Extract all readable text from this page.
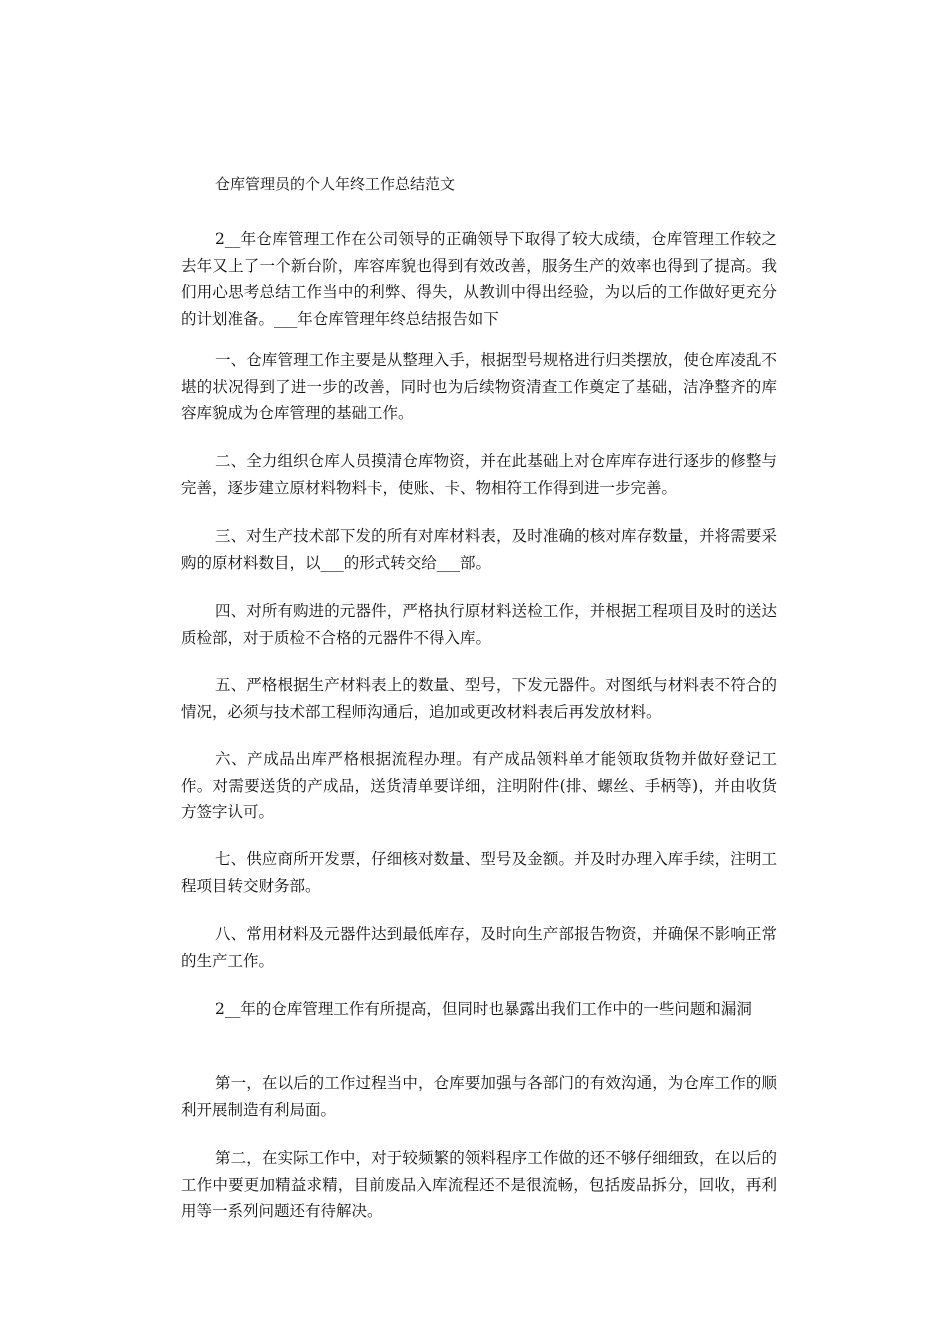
仓库管理员的个人年终工作总结范文

2__年仓库管理工作在公司领导的正确领导下取得了较大成绩，仓库管理工作较之去年又上了一个新台阶，库容库貌也得到有效改善，服务生产的效率也得到了提高。我们用心思考总结工作当中的利弊、得失，从教训中得出经验，为以后的工作做好更充分的计划准备。___年仓库管理年终总结报告如下

一、仓库管理工作主要是从整理入手，根据型号规格进行归类摆放，使仓库凌乱不堪的状况得到了进一步的改善，同时也为后续物资清查工作奠定了基础，洁净整齐的库容库貌成为仓库管理的基础工作。

二、全力组织仓库人员摸清仓库物资，并在此基础上对仓库库存进行逐步的修整与完善，逐步建立原材料物料卡，使账、卡、物相符工作得到进一步完善。

三、对生产技术部下发的所有对库材料表，及时准确的核对库存数量，并将需要采购的原材料数目，以___的形式转交给___部。

四、对所有购进的元器件，严格执行原材料送检工作，并根据工程项目及时的送达质检部，对于质检不合格的元器件不得入库。

五、严格根据生产材料表上的数量、型号，下发元器件。对图纸与材料表不符合的情况，必须与技术部工程师沟通后，追加或更改材料表后再发放材料。

六、产成品出库严格根据流程办理。有产成品领料单才能领取货物并做好登记工作。对需要送货的产成品，送货清单要详细，注明附件(排、螺丝、手柄等)，并由收货方签字认可。

七、供应商所开发票，仔细核对数量、型号及金额。并及时办理入库手续，注明工程项目转交财务部。

八、常用材料及元器件达到最低库存，及时向生产部报告物资，并确保不影响正常的生产工作。

2__年的仓库管理工作有所提高，但同时也暴露出我们工作中的一些问题和漏洞

第一，在以后的工作过程当中，仓库要加强与各部门的有效沟通，为仓库工作的顺利开展制造有利局面。

第二，在实际工作中，对于较频繁的领料程序工作做的还不够仔细细致，在以后的工作中要更加精益求精，目前废品入库流程还不是很流畅，包括废品拆分，回收，再利用等一系列问题还有待解决。
